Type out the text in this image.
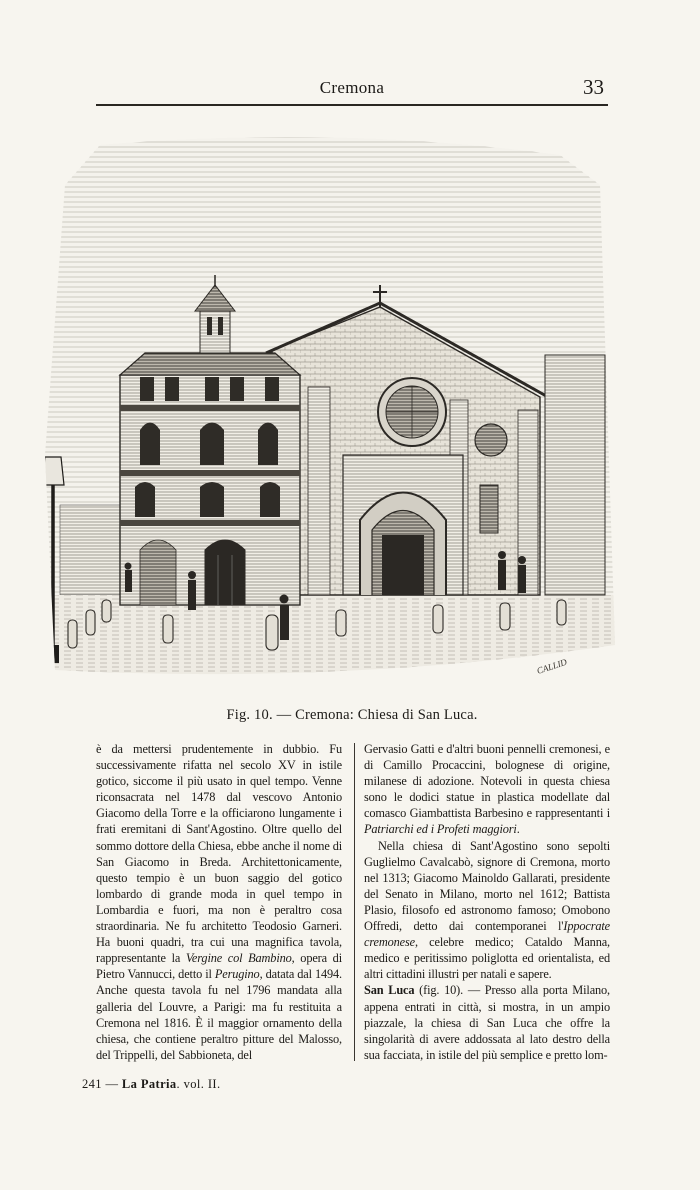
Cremona	33
CALLID
Fig. 10. — Cremona: Chiesa di San Luca.

è da mettersi prudentemente in dubbio. Fu successivamente rifatta nel secolo XV in istile gotico, siccome il più usato in quel tempo. Venne riconsacrata nel 1478 dal vescovo Antonio Giacomo della Torre e la officiarono lungamente i frati eremitani di Sant'Agostino. Oltre quello del sommo dottore della Chiesa, ebbe anche il nome di San Giacomo in Breda. Architettonicamente, questo tempio è un buon saggio del gotico lombardo di grande moda in quel tempo in Lombardia e fuori, ma non è peraltro cosa straordinaria. Ne fu architetto Teodosio Garneri. Ha buoni quadri, tra cui una magnifica tavola, rappresentante la Vergine col Bambino, opera di Pietro Vannucci, detto il Perugino, datata dal 1494. Anche questa tavola fu nel 1796 mandata alla galleria del Louvre, a Parigi: ma fu restituita a Cremona nel 1816. È il maggior ornamento della chiesa, che contiene peraltro pitture del Malosso, del Trippelli, del Sabbioneta, del

Gervasio Gatti e d'altri buoni pennelli cremonesi, e di Camillo Procaccini, bolognese di origine, milanese di adozione. Notevoli in questa chiesa sono le dodici statue in plastica modellate dal comasco Giambattista Barbesino e rappresentanti i Patriarchi ed i Profeti maggiori.

Nella chiesa di Sant'Agostino sono sepolti Guglielmo Cavalcabò, signore di Cremona, morto nel 1313; Giacomo Mainoldo Gallarati, presidente del Senato in Milano, morto nel 1612; Battista Plasio, filosofo ed astronomo famoso; Omobono Offredi, detto dai contemporanei l'Ippocrate cremonese, celebre medico; Cataldo Manna, medico e peritissimo poliglotta ed orientalista, ed altri cittadini illustri per natali e sapere.

San Luca (fig. 10). — Presso alla porta Milano, appena entrati in città, si mostra, in un ampio piazzale, la chiesa di San Luca che offre la singolarità di avere addossata al lato destro della sua facciata, in istile del più semplice e pretto lom-

241 — La Patria. vol. II.
